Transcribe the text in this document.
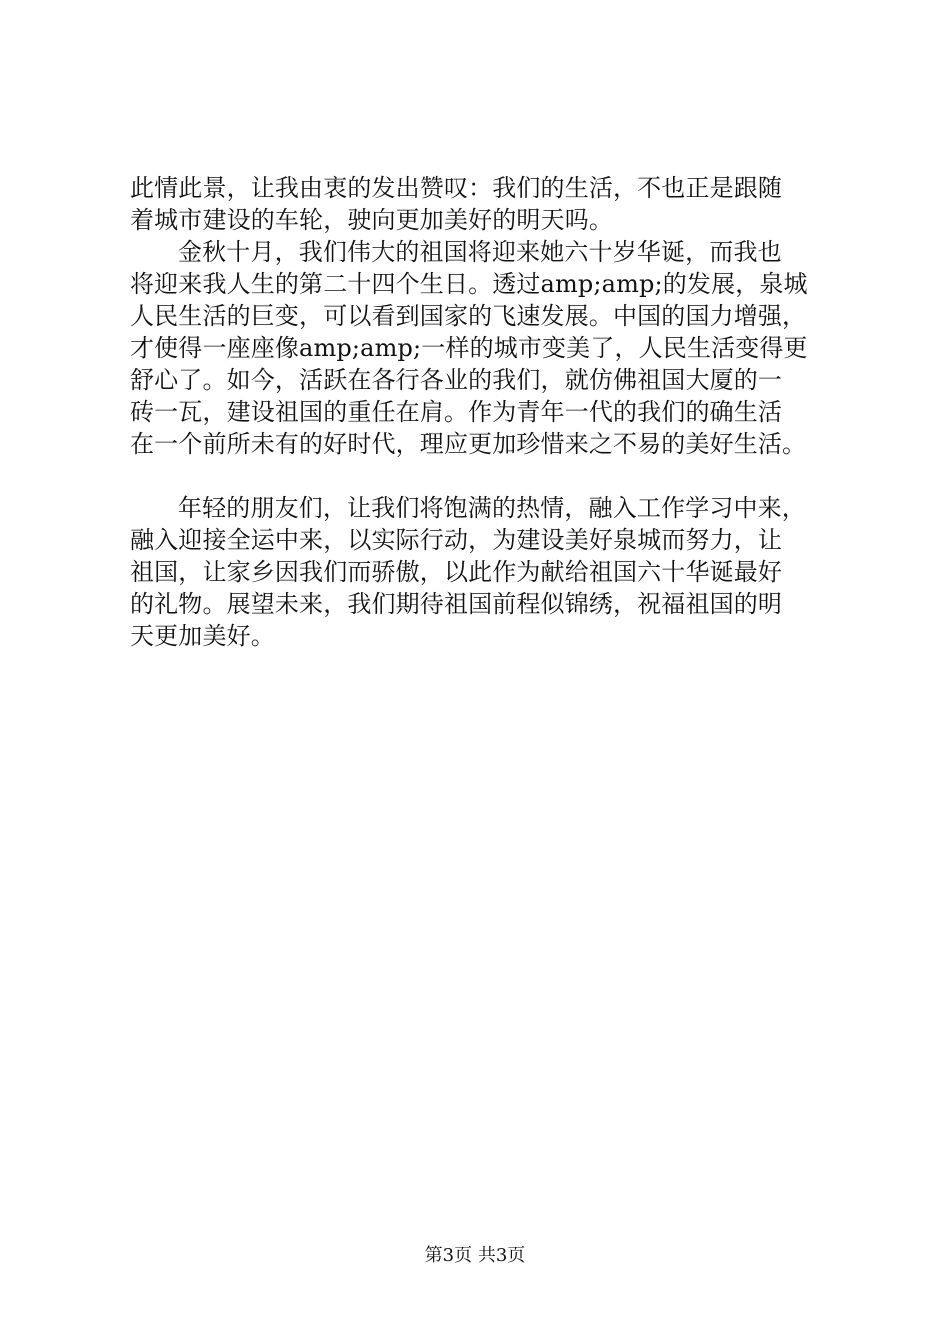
此情此景，让我由衷的发出赞叹：我们的生活，不也正是跟随
着城市建设的车轮，驶向更加美好的明天吗。
金秋十月，我们伟大的祖国将迎来她六十岁华诞，而我也
将迎来我人生的第二十四个生日。透过amp;amp;的发展，泉城
人民生活的巨变，可以看到国家的飞速发展。中国的国力增强，
才使得一座座像amp;amp;一样的城市变美了，人民生活变得更
舒心了。如今，活跃在各行各业的我们，就仿佛祖国大厦的一
砖一瓦，建设祖国的重任在肩。作为青年一代的我们的确生活
在一个前所未有的好时代，理应更加珍惜来之不易的美好生活。
年轻的朋友们，让我们将饱满的热情，融入工作学习中来，
融入迎接全运中来，以实际行动，为建设美好泉城而努力，让
祖国，让家乡因我们而骄傲，以此作为献给祖国六十华诞最好
的礼物。展望未来，我们期待祖国前程似锦绣，祝福祖国的明
天更加美好。
第3页 共3页
